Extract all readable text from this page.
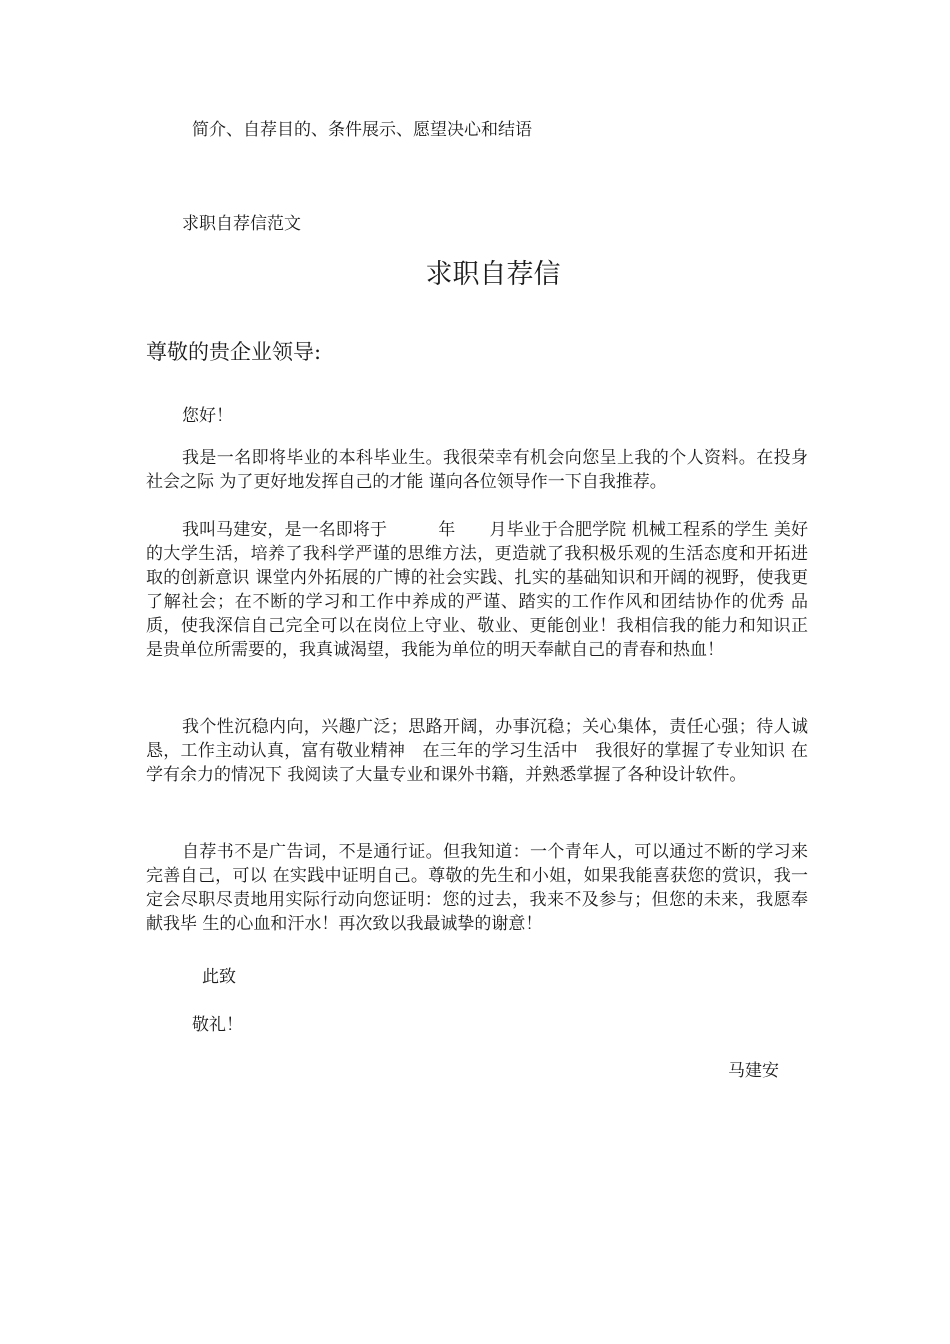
简介、自荐目的、条件展示、愿望决心和结语
求职自荐信范文
求职自荐信
尊敬的贵企业领导:
您好！

我是一名即将毕业的本科毕业生。我很荣幸有机会向您呈上我的个人资料。在投身社会之际 为了更好地发挥自己的才能 谨向各位领导作一下自我推荐。

我叫马建安，是一名即将于　　　年　　月毕业于合肥学院 机械工程系的学生 美好的大学生活，培养了我科学严谨的思维方法，更造就了我积极乐观的生活态度和开拓进取的创新意识 课堂内外拓展的广博的社会实践、扎实的基础知识和开阔的视野，使我更了解社会；在不断的学习和工作中养成的严谨、踏实的工作作风和团结协作的优秀 品质，使我深信自己完全可以在岗位上守业、敬业、更能创业！我相信我的能力和知识正是贵单位所需要的，我真诚渴望，我能为单位的明天奉献自己的青春和热血！

我个性沉稳内向，兴趣广泛；思路开阔，办事沉稳；关心集体，责任心强；待人诚恳，工作主动认真，富有敬业精神　在三年的学习生活中　我很好的掌握了专业知识 在学有余力的情况下 我阅读了大量专业和课外书籍，并熟悉掌握了各种设计软件。

自荐书不是广告词，不是通行证。但我知道：一个青年人，可以通过不断的学习来完善自己，可以 在实践中证明自己。尊敬的先生和小姐，如果我能喜获您的赏识，我一定会尽职尽责地用实际行动向您证明：您的过去，我来不及参与；但您的未来，我愿奉献我毕 生的心血和汗水！再次致以我最诚挚的谢意！

此致
敬礼！
马建安
